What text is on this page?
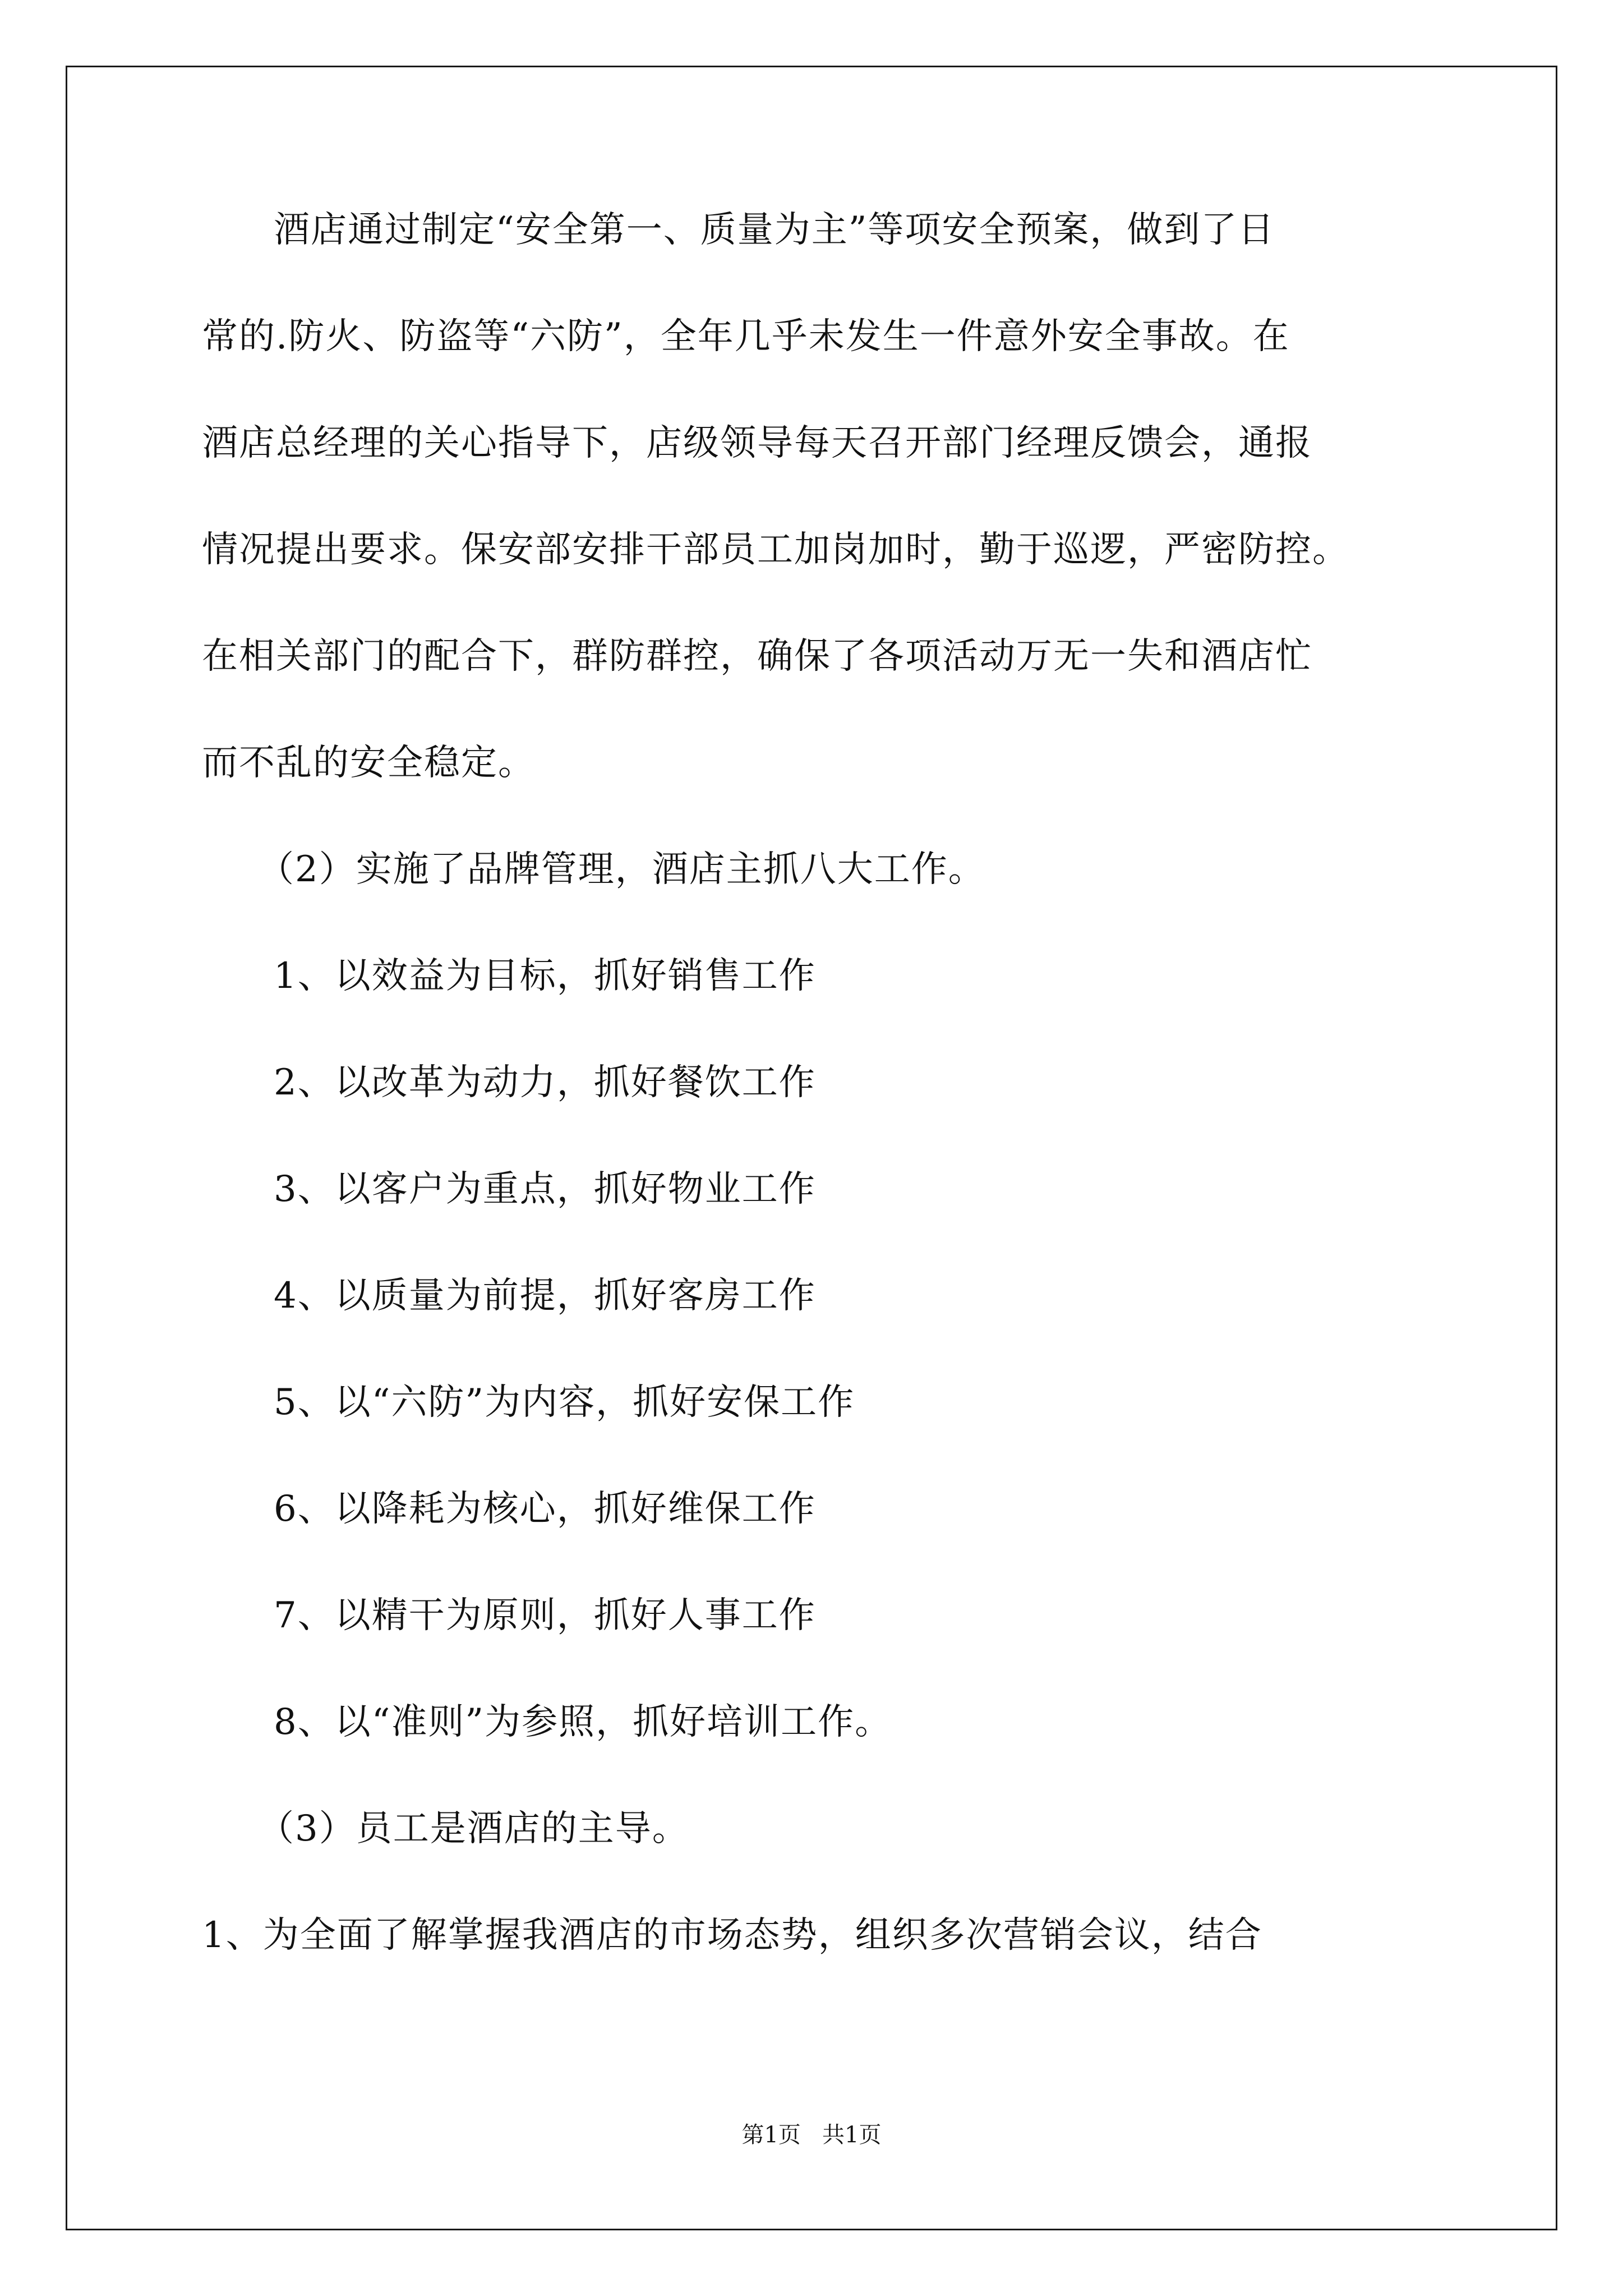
酒店通过制定“安全第一、质量为主”等项安全预案，做到了日
常的.防火、防盗等“六防”，全年几乎未发生一件意外安全事故。在
酒店总经理的关心指导下，店级领导每天召开部门经理反馈会，通报
情况提出要求。保安部安排干部员工加岗加时，勤于巡逻，严密防控。
在相关部门的配合下，群防群控，确保了各项活动万无一失和酒店忙
而不乱的安全稳定。
（2）实施了品牌管理，酒店主抓八大工作。
1、以效益为目标，抓好销售工作
2、以改革为动力，抓好餐饮工作
3、以客户为重点，抓好物业工作
4、以质量为前提，抓好客房工作
5、以“六防”为内容，抓好安保工作
6、以降耗为核心，抓好维保工作
7、以精干为原则，抓好人事工作
8、以“准则”为参照，抓好培训工作。
（3）员工是酒店的主导。
1、为全面了解掌握我酒店的市场态势，组织多次营销会议，结合
第1页   共1页
